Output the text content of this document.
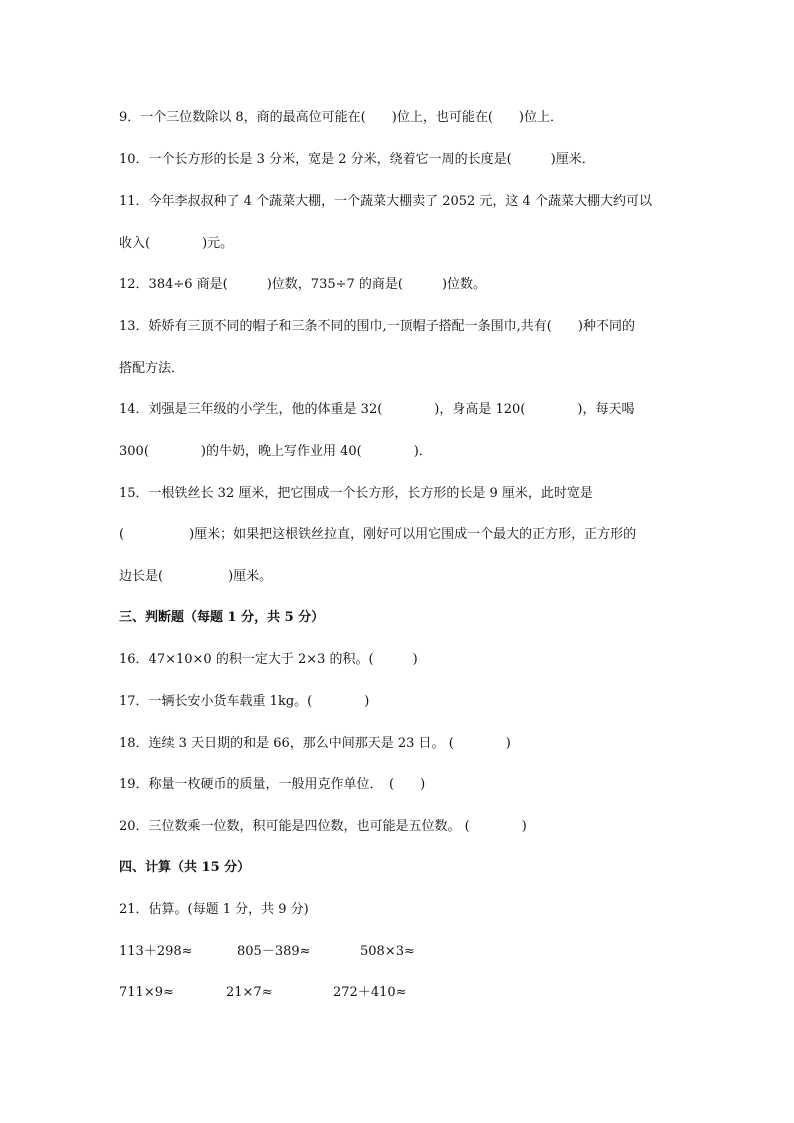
9．一个三位数除以 8，商的最高位可能在(　　)位上，也可能在(　　)位上．
10．一个长方形的长是 3 分米，宽是 2 分米，绕着它一周的长度是(　　　)厘米．
11．今年李叔叔种了 4 个蔬菜大棚，一个蔬菜大棚卖了 2052 元，这 4 个蔬菜大棚大约可以
收入(　　　　)元。
12．384÷6 商是(　　　)位数，735÷7 的商是(　　　)位数。
13．娇娇有三顶不同的帽子和三条不同的围巾,一顶帽子搭配一条围巾,共有(　　)种不同的
搭配方法．
14．刘强是三年级的小学生，他的体重是 32(　　　　)，身高是 120(　　　　)，每天喝
300(　　　　)的牛奶，晚上写作业用 40(　　　　)．
15．一根铁丝长 32 厘米，把它围成一个长方形，长方形的长是 9 厘米，此时宽是
(　　　　　)厘米；如果把这根铁丝拉直，刚好可以用它围成一个最大的正方形，正方形的
边长是(　　　　　)厘米。
三、判断题（每题 1 分，共 5 分）
16．47×10×0 的积一定大于 2×3 的积。(　　　)
17．一辆长安小货车载重 1kg。(　　　　)
18．连续 3 天日期的和是 66，那么中间那天是 23 日。 (　　　　)
19．称量一枚硬币的质量，一般用克作单位．　(　　)
20．三位数乘一位数，积可能是四位数，也可能是五位数。 (　　　　)
四、计算（共 15 分）
21．估算。(每题 1 分，共 9 分)
113＋298≈	805－389≈	508×3≈
711×9≈	21×7≈	272＋410≈
